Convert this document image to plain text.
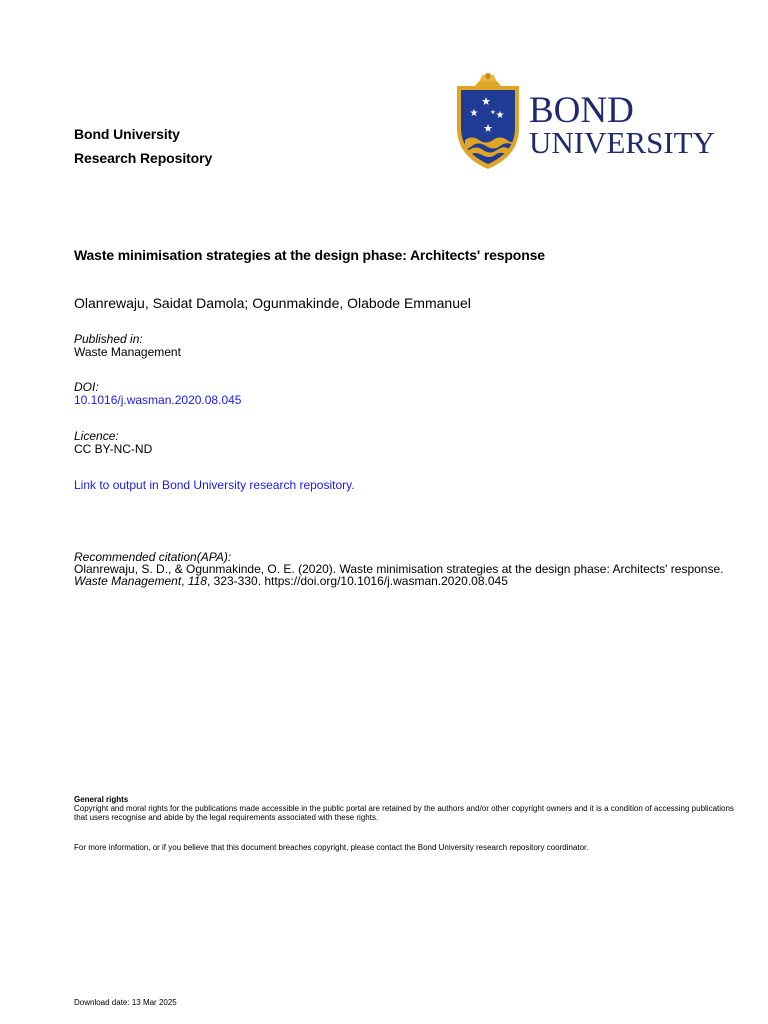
Bond University
Research Repository
★
★ ★
★
★ BOND
UNIVERSITY
Waste minimisation strategies at the design phase: Architects' response
Olanrewaju, Saidat Damola; Ogunmakinde, Olabode Emmanuel
Published in:
Waste Management
DOI:
10.1016/j.wasman.2020.08.045
Licence:
CC BY-NC-ND
Link to output in Bond University research repository.
Recommended citation(APA):
Olanrewaju, S. D., & Ogunmakinde, O. E. (2020). Waste minimisation strategies at the design phase: Architects' response. Waste Management, 118, 323-330. https://doi.org/10.1016/j.wasman.2020.08.045
General rights
Copyright and moral rights for the publications made accessible in the public portal are retained by the authors and/or other copyright owners and it is a condition of accessing publications that users recognise and abide by the legal requirements associated with these rights.
For more information, or if you believe that this document breaches copyright, please contact the Bond University research repository coordinator.
Download date: 13 Mar 2025
